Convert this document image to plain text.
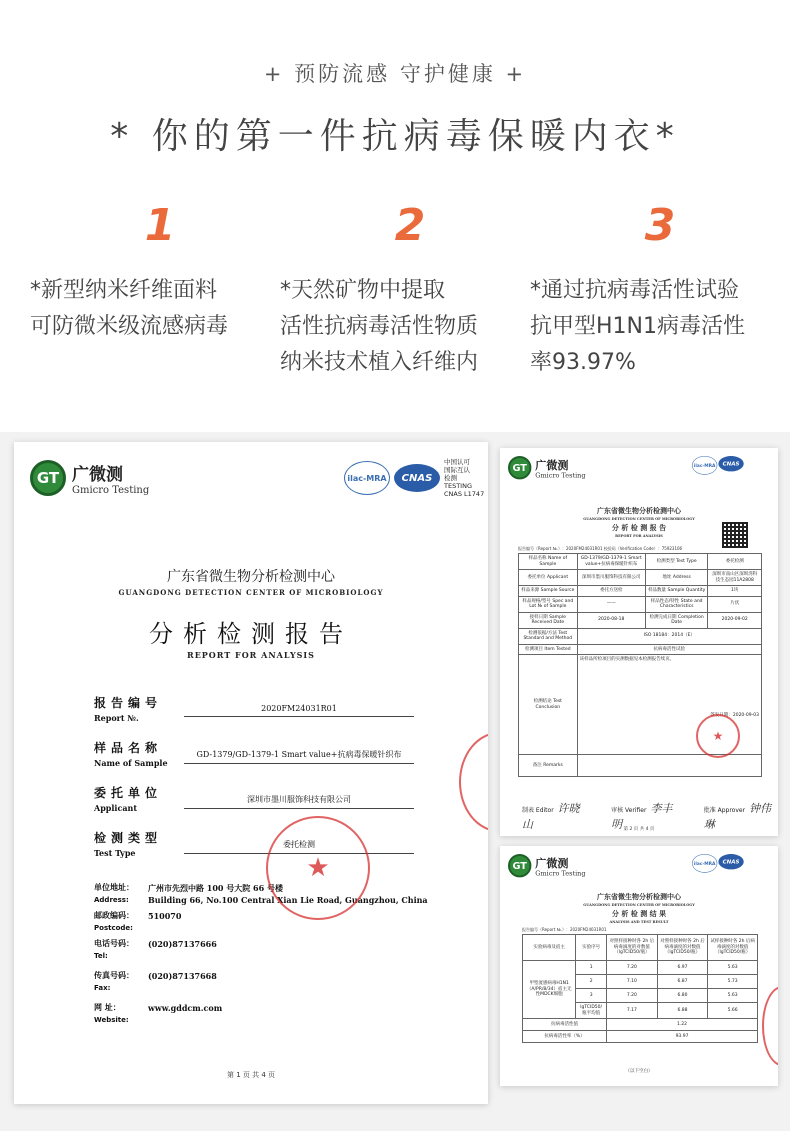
+ 预防流感 守护健康 +
* 你的第一件抗病毒保暖内衣*
1
*新型纳米纤维面料
可防微米级流感病毒
2
*天然矿物中提取
活性抗病毒活性物质
纳米技术植入纤维内
3
*通过抗病毒活性试验
抗甲型H1N1病毒活性
率93.97%
GT 广微测
Gmicro Testing
ilac-MRA	CNAS
中国认可
国际互认
检测
TESTING
CNAS L1747
广东省微生物分析检测中心
GUANGDONG DETECTION CENTER OF MICROBIOLOGY
分析检测报告
REPORT FOR ANALYSIS
报告编号
Report №.
2020FM24031R01
样品名称
Name of Sample
GD-1379/GD-1379-1 Smart value+抗病毒保暖针织布
委托单位
Applicant
深圳市墨川服饰科技有限公司
检测类型
Test Type
委托检测
单位地址：	广州市先烈中路 100 号大院 66 号楼
Address:	Building 66, No.100 Central Xian Lie Road, Guangzhou, China
邮政编码：	510070
Postcode:
电话号码：	(020)87137666
Tel:
传真号码：	(020)87137668
Fax:
网 址：	www.gddcm.com
Website:
★
第 1 页 共 4 页
GT 广微测
Gmicro Testing
ilac-MRA CNAS
广东省微生物分析检测中心
GUANGDONG DETECTION CENTER OF MICROBIOLOGY
分 析 检 测 报 告
REPORT FOR ANALYSIS
报告编号（Report №.）：2020FM24031R01 校验码（Verification Code）：75923106
样品名称 Name of Sample	GD-1379/GD-1379-1 Smart value+抗病毒保暖针织布	检测类型 Test Type	委托检测
委托单位 Applicant	深圳市墨川服饰科技有限公司	地址 Address	深圳市南山区深圳湾科技生态园11A2808
样品来源 Sample Source	委托方送检	样品数量 Sample Quantity	1块
样品规格/型号 Spec and Lot № of Sample	——	样品性态/特性 State and Characteristics	片状
接样日期 Sample Received Date	2020-08-18	检测完成日期 Completion Date	2020-09-02
检测依据/方法 Test Standard and Method	ISO 18184：2014（E）		
检测项目 Item Tested	抗病毒活性试验		
检测结论 Test Conclusion	该样品所检项目的实测数据见本检测报告续页。
签发日期：2020-09-03		

备注 Remarks			
★
制表 Editor 许晓山
审核 Verifier 李丰明
批准 Approver 钟伟琳
第 2 页 共 4 页
GT 广微测
Gmicro Testing
ilac-MRA CNAS
广东省微生物分析检测中心
GUANGDONG DETECTION CENTER OF MICROBIOLOGY
分 析 检 测 结 果
ANALYSIS AND TEST RESULT
报告编号（Report №.）：2020FM24031R01
实验病毒及宿主	实验序号	对照样接种时各 2h 后病毒滴度的对数值（lgTCID50/瓶）	对照样接种时各 2h 后病毒滴度的对数值（lgTCID50/瓶）	试样接种时各 2h 后病毒滴度的对数值（lgTCID50/瓶）
甲型流感病毒H1N1（A/PR/8/34）宿主无性MDCK细胞	1	7.20	6.97	5.63
	2	7.10	6.87	5.73
	3	7.20	6.80	5.63
	lgTCID50/瓶平均值	7.17	6.88	5.66
抗病毒活性值		1.22		
抗病毒活性率（%）		93.97		
（以下空白）
